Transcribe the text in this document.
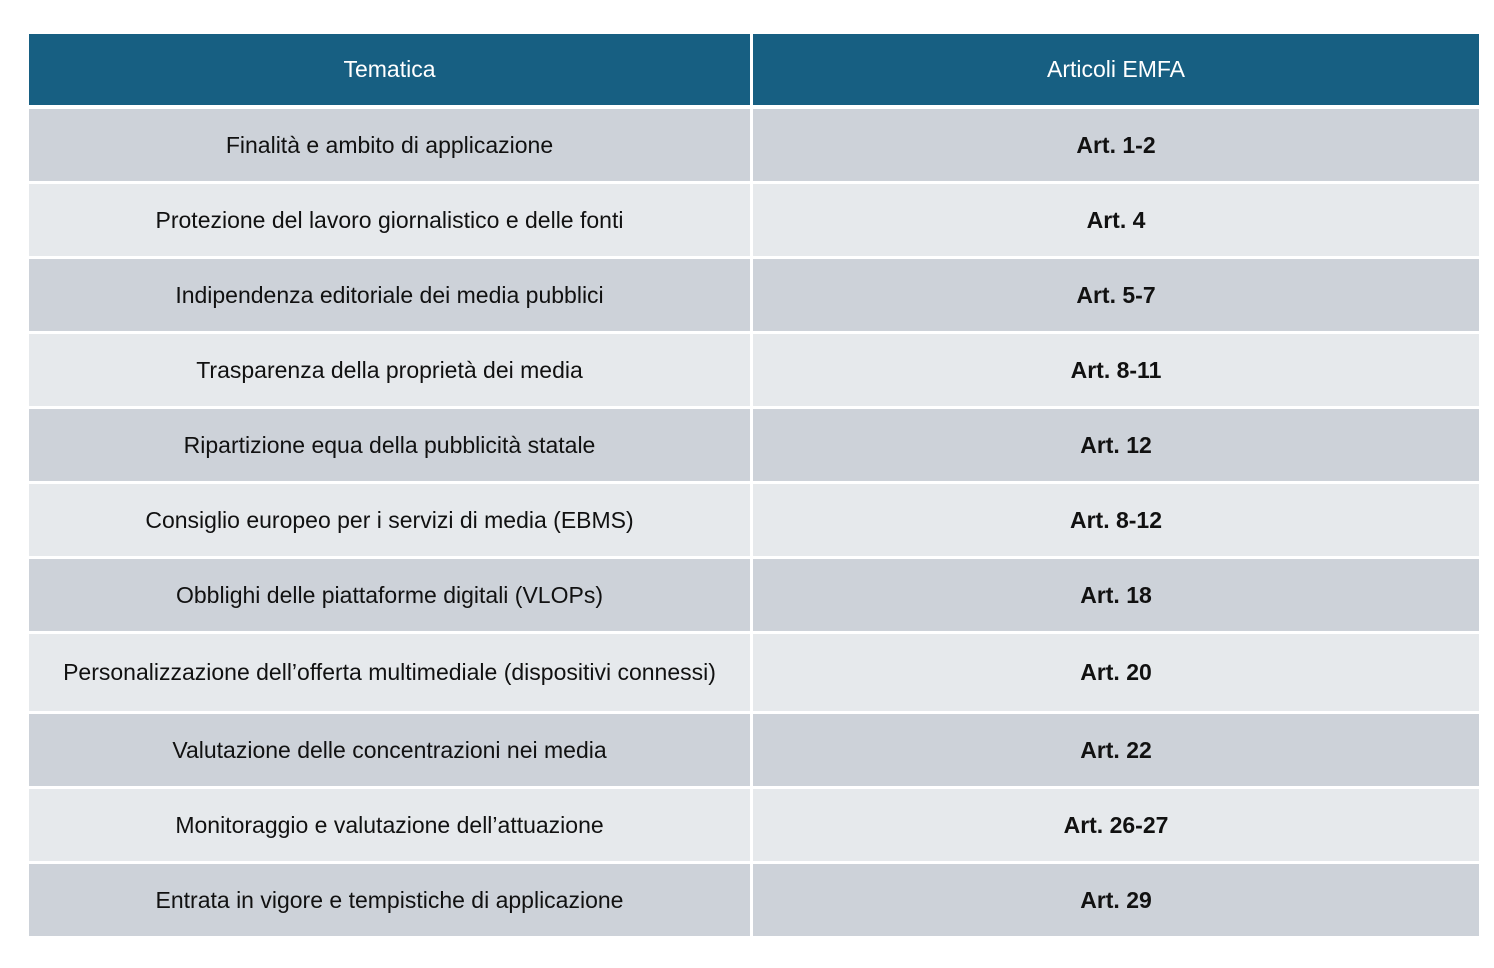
Tematica	Articoli EMFA
Finalità e ambito di applicazione	Art. 1-2
Protezione del lavoro giornalistico e delle fonti	Art. 4
Indipendenza editoriale dei media pubblici	Art. 5-7
Trasparenza della proprietà dei media	Art. 8-11
Ripartizione equa della pubblicità statale	Art. 12
Consiglio europeo per i servizi di media (EBMS)	Art. 8-12
Obblighi delle piattaforme digitali (VLOPs)	Art. 18
Personalizzazione dell’offerta multimediale (dispositivi connessi)	Art. 20
Valutazione delle concentrazioni nei media	Art. 22
Monitoraggio e valutazione dell’attuazione	Art. 26-27
Entrata in vigore e tempistiche di applicazione	Art. 29
